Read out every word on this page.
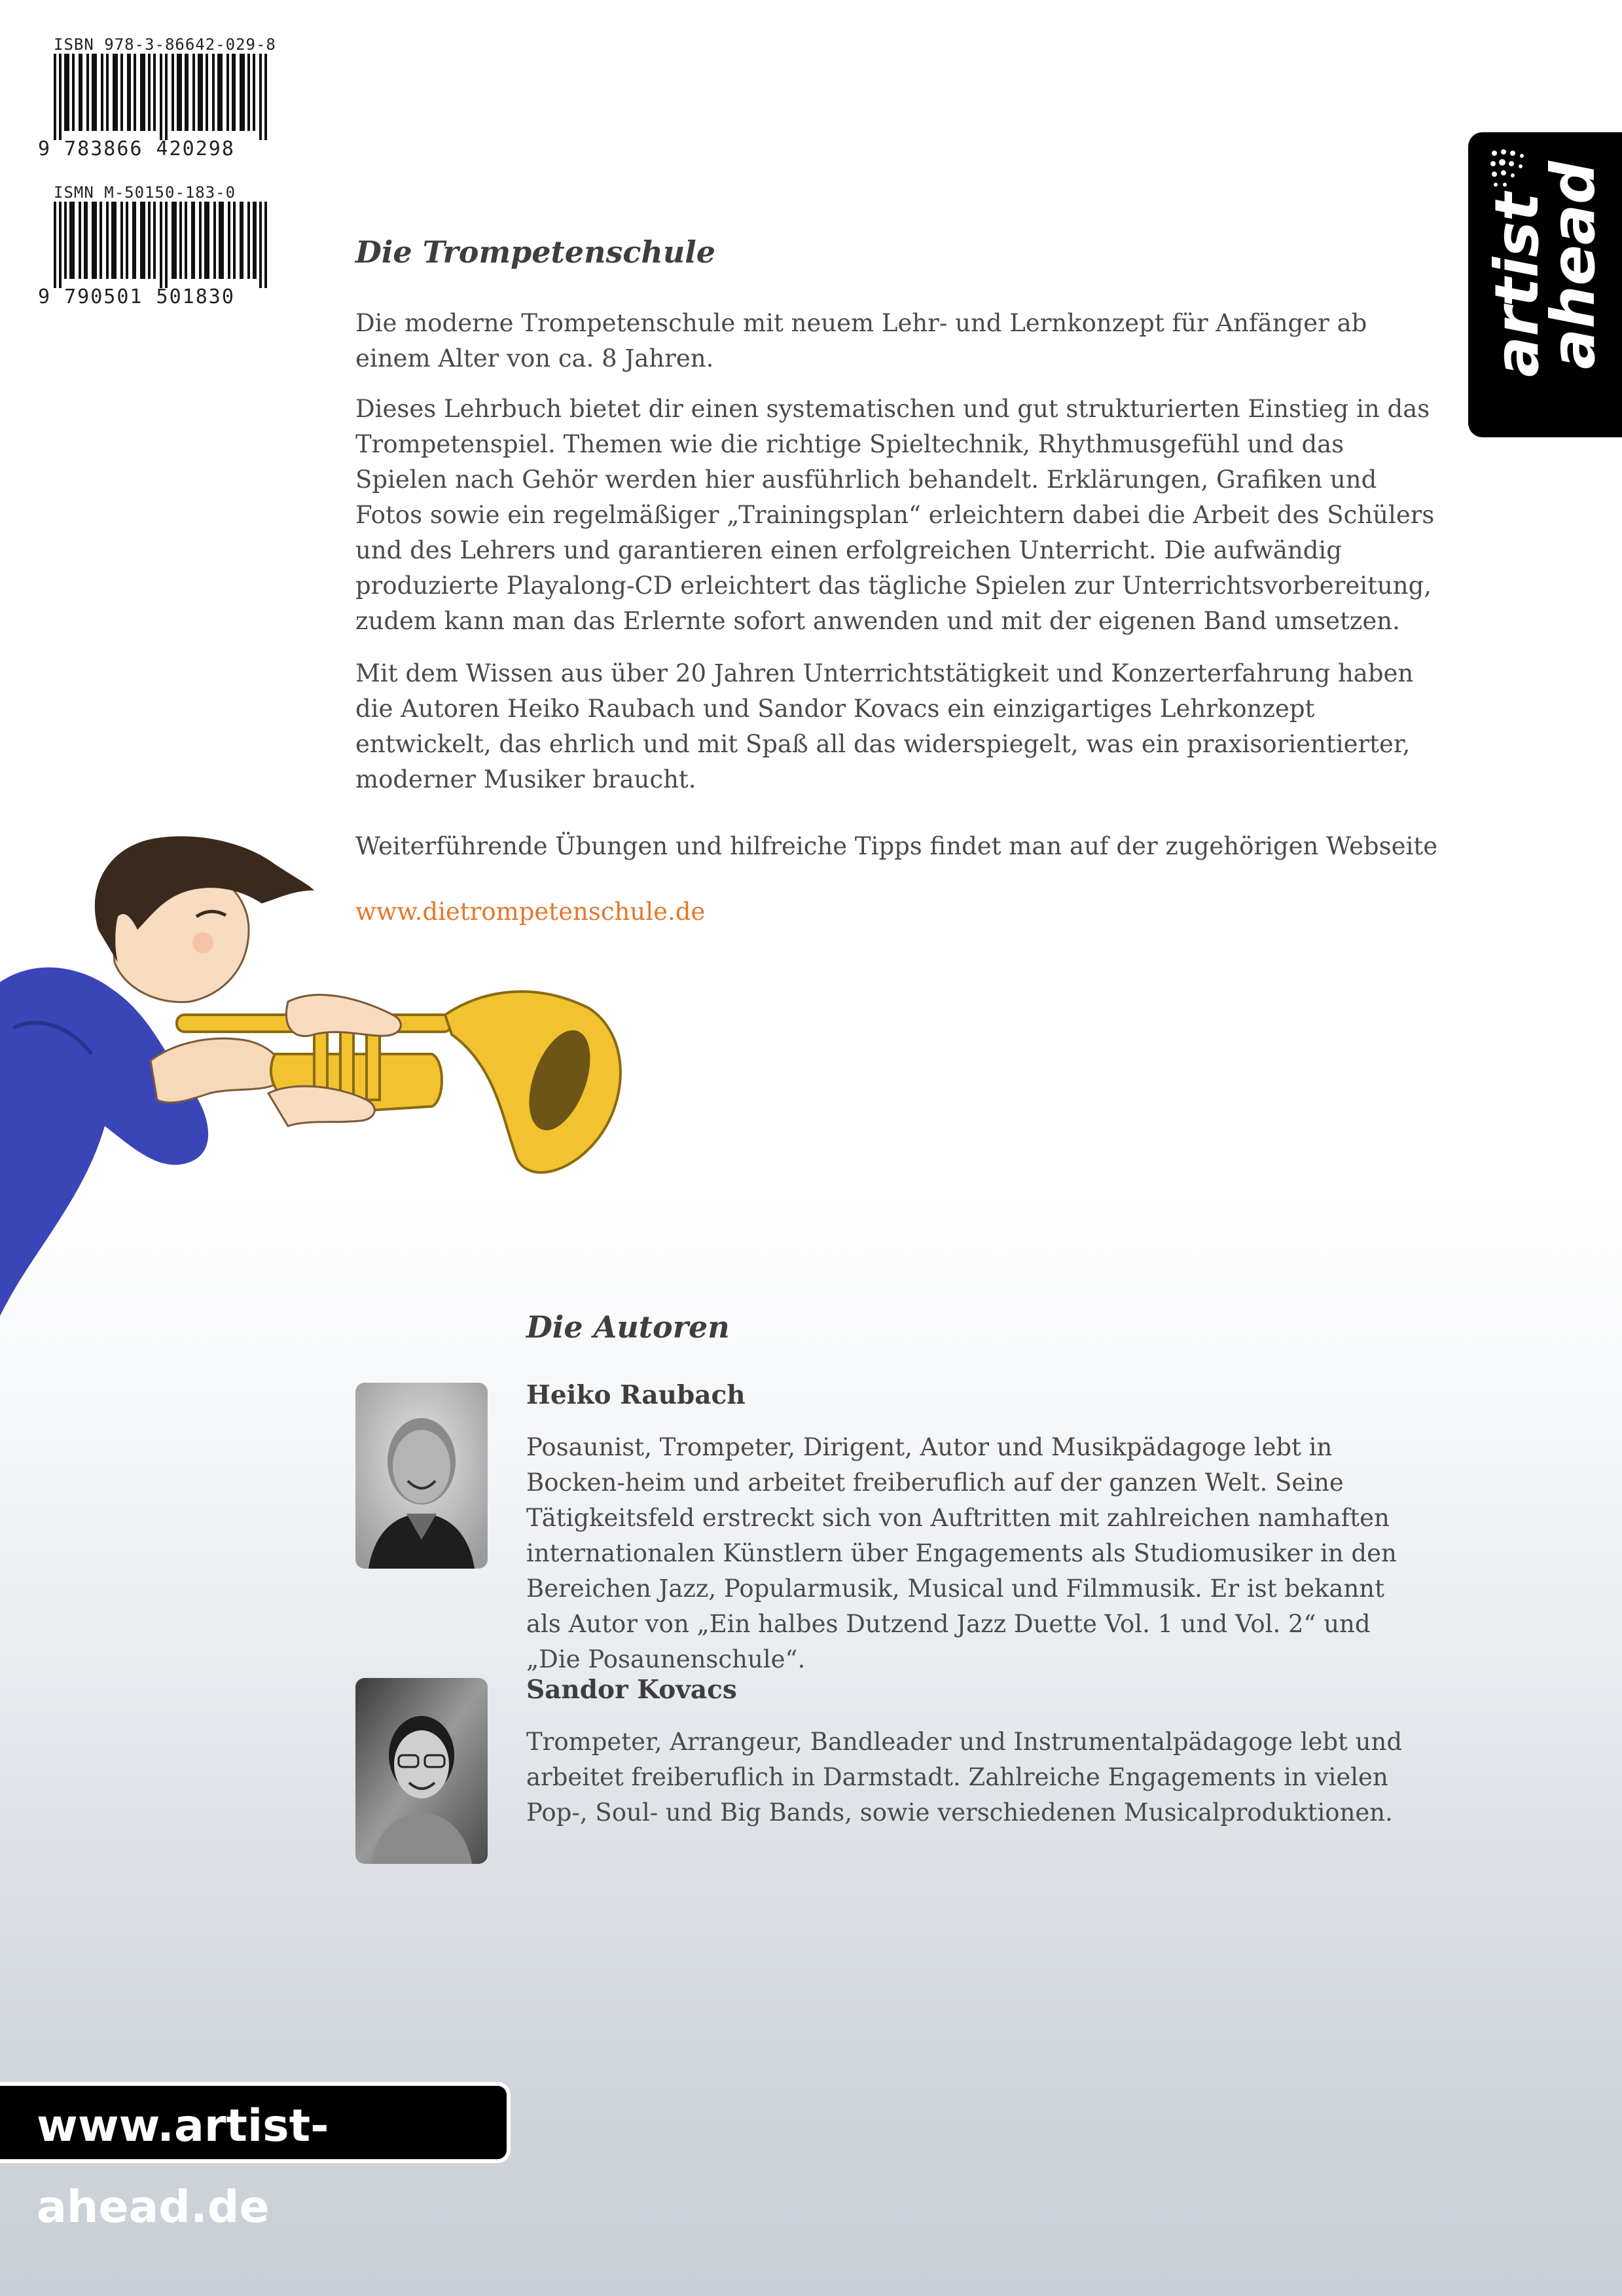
ISBN 978-3-86642-029-8
9 783866 420298
ISMN M-50150-183-0
9 790501 501830	artist
ahead
Die Trompetenschule

Die moderne Trompetenschule mit neuem Lehr- und Lernkonzept für Anfänger ab einem Alter von ca. 8 Jahren.

Dieses Lehrbuch bietet dir einen systematischen und gut strukturierten Einstieg in das Trompetenspiel. Themen wie die richtige Spieltechnik, Rhythmusgefühl und das Spielen nach Gehör werden hier ausführlich behandelt. Erklärungen, Grafiken und Fotos sowie ein regelmäßiger „Trainingsplan“ erleichtern dabei die Arbeit des Schülers und des Lehrers und garantieren einen erfolgreichen Unterricht. Die aufwändig produzierte Playalong-CD erleichtert das tägliche Spielen zur Unterrichtsvorbereitung, zudem kann man das Erlernte sofort anwenden und mit der eigenen Band umsetzen.

Mit dem Wissen aus über 20 Jahren Unterrichtstätigkeit und Konzerterfahrung haben die Autoren Heiko Raubach und Sandor Kovacs ein einzigartiges Lehrkonzept entwickelt, das ehrlich und mit Spaß all das widerspiegelt, was ein praxisorientierter, moderner Musiker braucht.

Weiterführende Übungen und hilfreiche Tipps findet man auf der zugehörigen Webseite

www.dietrompetenschule.de

Die Autoren
Heiko Raubach

Posaunist, Trompeter, Dirigent, Autor und Musikpädagoge lebt in Bocken-heim und arbeitet freiberuflich auf der ganzen Welt. Seine Tätigkeitsfeld erstreckt sich von Auftritten mit zahlreichen namhaften internationalen Künstlern über Engagements als Studiomusiker in den Bereichen Jazz, Popularmusik, Musical und Filmmusik. Er ist bekannt als Autor von „Ein halbes Dutzend Jazz Duette Vol. 1 und Vol. 2“ und „Die Posaunenschule“.

Sandor Kovacs

Trompeter, Arrangeur, Bandleader und Instrumentalpädagoge lebt und arbeitet freiberuflich in Darmstadt. Zahlreiche Engagements in vielen Pop-, Soul- und Big Bands, sowie verschiedenen Musicalproduktionen.

www.artist-ahead.de
